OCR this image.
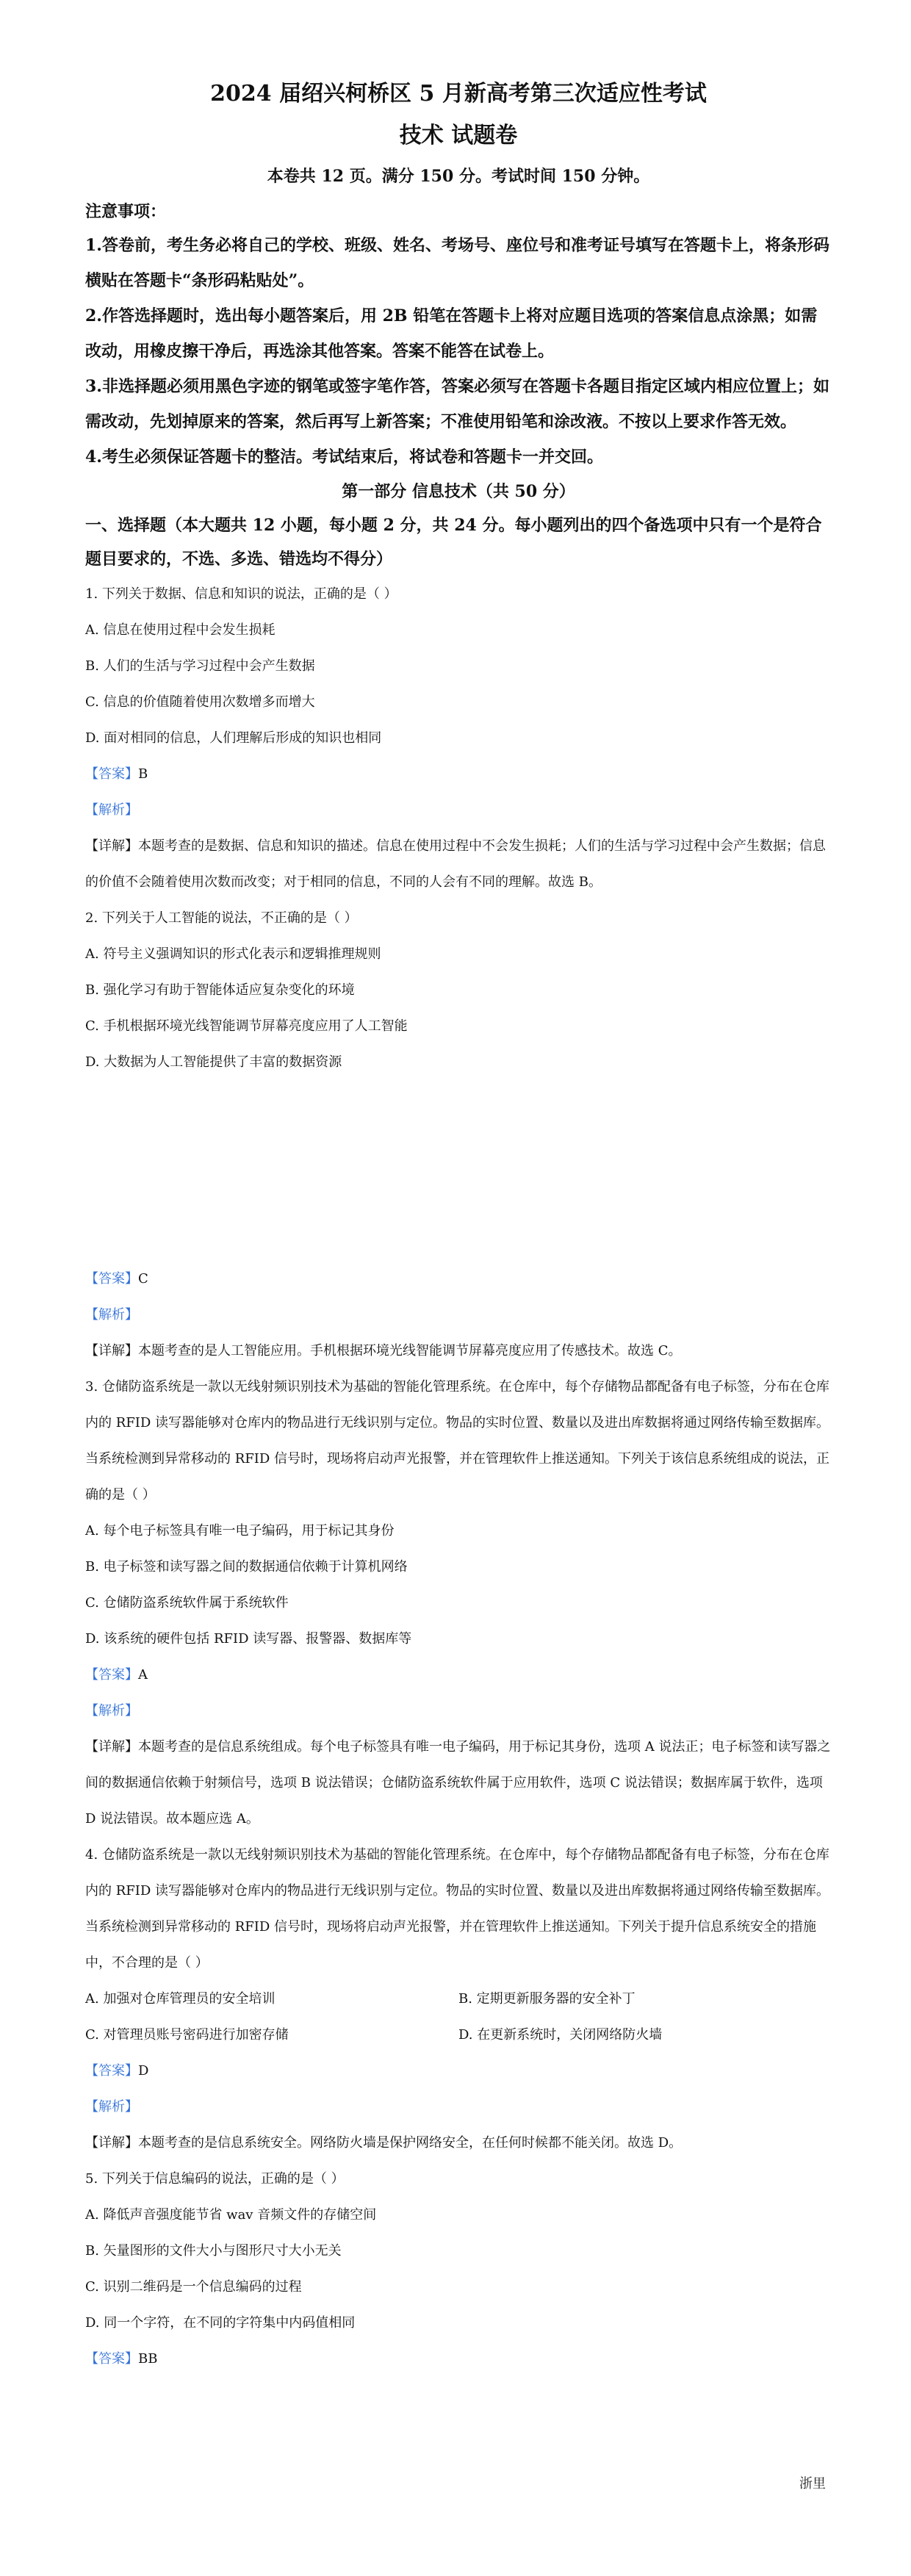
2024 届绍兴柯桥区 5 月新高考第三次适应性考试

技术 试题卷

本卷共 12 页。满分 150 分。考试时间 150 分钟。

注意事项：

1.答卷前，考生务必将自己的学校、班级、姓名、考场号、座位号和准考证号填写在答题卡上，将条形码横贴在答题卡“条形码粘贴处”。

2.作答选择题时，选出每小题答案后，用 2B 铅笔在答题卡上将对应题目选项的答案信息点涂黑；如需改动，用橡皮擦干净后，再选涂其他答案。答案不能答在试卷上。

3.非选择题必须用黑色字迹的钢笔或签字笔作答，答案必须写在答题卡各题目指定区域内相应位置上；如需改动，先划掉原来的答案，然后再写上新答案；不准使用铅笔和涂改液。不按以上要求作答无效。

4.考生必须保证答题卡的整洁。考试结束后，将试卷和答题卡一并交回。

第一部分 信息技术（共 50 分）

一、选择题（本大题共 12 小题，每小题 2 分，共 24 分。每小题列出的四个备选项中只有一个是符合题目要求的，不选、多选、错选均不得分）

1. 下列关于数据、信息和知识的说法，正确的是（ ）

A. 信息在使用过程中会发生损耗

B. 人们的生活与学习过程中会产生数据

C. 信息的价值随着使用次数增多而增大

D. 面对相同的信息，人们理解后形成的知识也相同

【答案】B

【解析】

【详解】本题考查的是数据、信息和知识的描述。信息在使用过程中不会发生损耗；人们的生活与学习过程中会产生数据；信息的价值不会随着使用次数而改变；对于相同的信息，不同的人会有不同的理解。故选 B。

2. 下列关于人工智能的说法，不正确的是（ ）

A. 符号主义强调知识的形式化表示和逻辑推理规则

B. 强化学习有助于智能体适应复杂变化的环境

C. 手机根据环境光线智能调节屏幕亮度应用了人工智能

D. 大数据为人工智能提供了丰富的数据资源

【答案】C

【解析】

【详解】本题考查的是人工智能应用。手机根据环境光线智能调节屏幕亮度应用了传感技术。故选 C。

3. 仓储防盗系统是一款以无线射频识别技术为基础的智能化管理系统。在仓库中，每个存储物品都配备有电子标签，分布在仓库内的 RFID 读写器能够对仓库内的物品进行无线识别与定位。物品的实时位置、数量以及进出库数据将通过网络传输至数据库。当系统检测到异常移动的 RFID 信号时，现场将启动声光报警，并在管理软件上推送通知。下列关于该信息系统组成的说法，正确的是（ ）

A. 每个电子标签具有唯一电子编码，用于标记其身份

B. 电子标签和读写器之间的数据通信依赖于计算机网络

C. 仓储防盗系统软件属于系统软件

D. 该系统的硬件包括 RFID 读写器、报警器、数据库等

【答案】A

【解析】

【详解】本题考查的是信息系统组成。每个电子标签具有唯一电子编码，用于标记其身份，选项 A 说法正；电子标签和读写器之间的数据通信依赖于射频信号，选项 B 说法错误；仓储防盗系统软件属于应用软件，选项 C 说法错误；数据库属于软件，选项 D 说法错误。故本题应选 A。

4. 仓储防盗系统是一款以无线射频识别技术为基础的智能化管理系统。在仓库中，每个存储物品都配备有电子标签，分布在仓库内的 RFID 读写器能够对仓库内的物品进行无线识别与定位。物品的实时位置、数量以及进出库数据将通过网络传输至数据库。当系统检测到异常移动的 RFID 信号时，现场将启动声光报警，并在管理软件上推送通知。下列关于提升信息系统安全的措施中，不合理的是（ ）

A. 加强对仓库管理员的安全培训	B. 定期更新服务器的安全补丁
C. 对管理员账号密码进行加密存储	D. 在更新系统时，关闭网络防火墙

【答案】D

【解析】

【详解】本题考查的是信息系统安全。网络防火墙是保护网络安全，在任何时候都不能关闭。故选 D。

5. 下列关于信息编码的说法，正确的是（ ）

A. 降低声音强度能节省 wav 音频文件的存储空间

B. 矢量图形的文件大小与图形尺寸大小无关

C. 识别二维码是一个信息编码的过程

D. 同一个字符，在不同的字符集中内码值相同

【答案】BB

浙里
